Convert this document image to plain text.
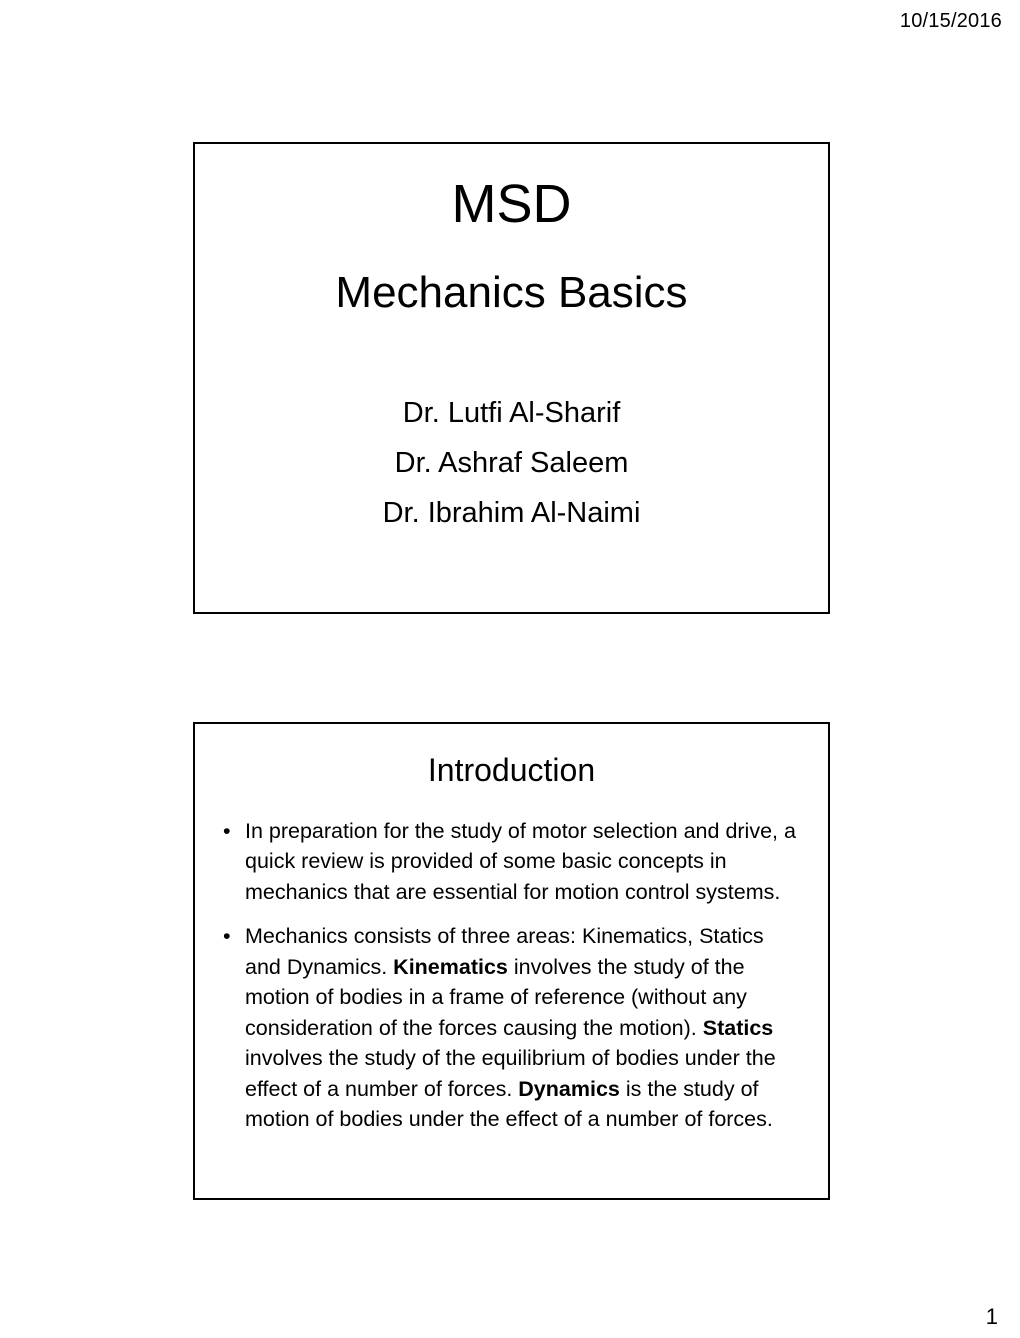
10/15/2016
MSD
Mechanics Basics
Dr. Lutfi Al-Sharif
Dr. Ashraf Saleem
Dr. Ibrahim Al-Naimi
Introduction
• In preparation for the study of motor selection and drive, a quick review is provided of some basic concepts in mechanics that are essential for motion control systems.
• Mechanics consists of three areas: Kinematics, Statics and Dynamics. Kinematics involves the study of the motion of bodies in a frame of reference (without any consideration of the forces causing the motion). Statics involves the study of the equilibrium of bodies under the effect of a number of forces. Dynamics is the study of motion of bodies under the effect of a number of forces.
1
